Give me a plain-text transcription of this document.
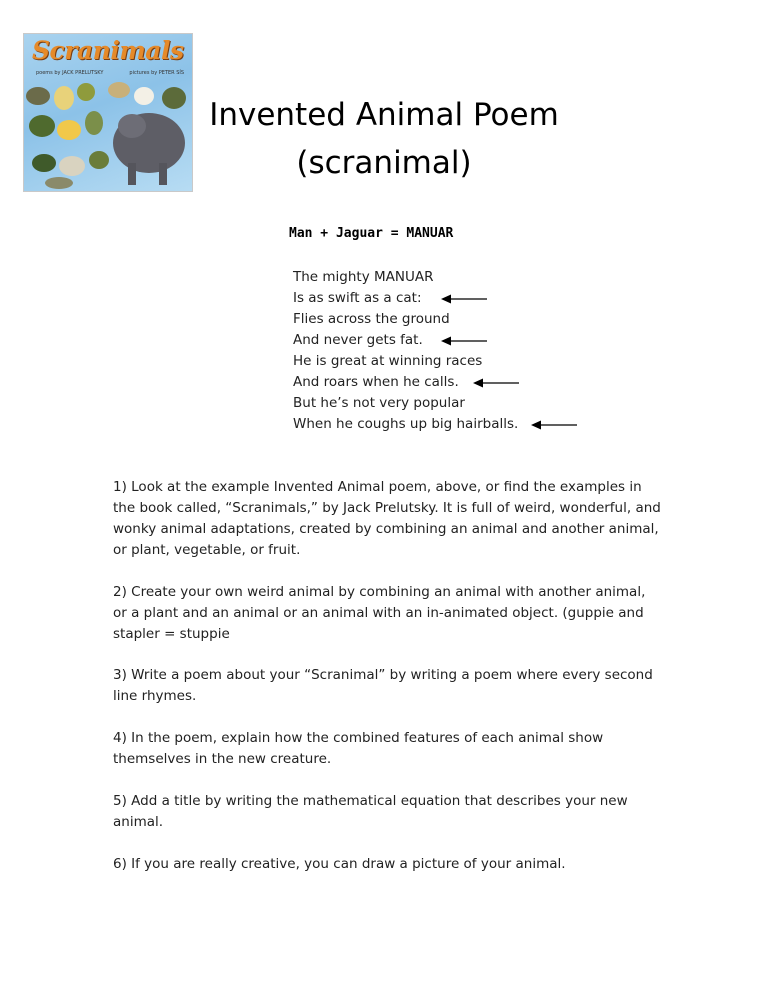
Scranimals
poems by JACK PRELUTSKY	pictures by PETER SÍS
Invented Animal Poem
(scranimal)
Man + Jaguar = MANUAR
The mighty MANUAR
Is as swift as a cat:
Flies across the ground
And never gets fat.
He is great at winning races
And roars when he calls.
But he’s not very popular
When he coughs up big hairballs.

1) Look at the example Invented Animal poem, above, or find the examples in the book called, “Scranimals,” by Jack Prelutsky. It is full of weird, wonderful, and wonky animal adaptations, created by combining an animal and another animal, or plant, vegetable, or fruit.

2) Create your own weird animal by combining an animal with another animal, or a plant and an animal or an animal with an in-animated object. (guppie and stapler = stuppie

3) Write a poem about your “Scranimal” by writing a poem where every second line rhymes.

4) In the poem, explain how the combined features of each animal show themselves in the new creature.

5) Add a title by writing the mathematical equation that describes your new animal.

6) If you are really creative, you can draw a picture of your animal.
